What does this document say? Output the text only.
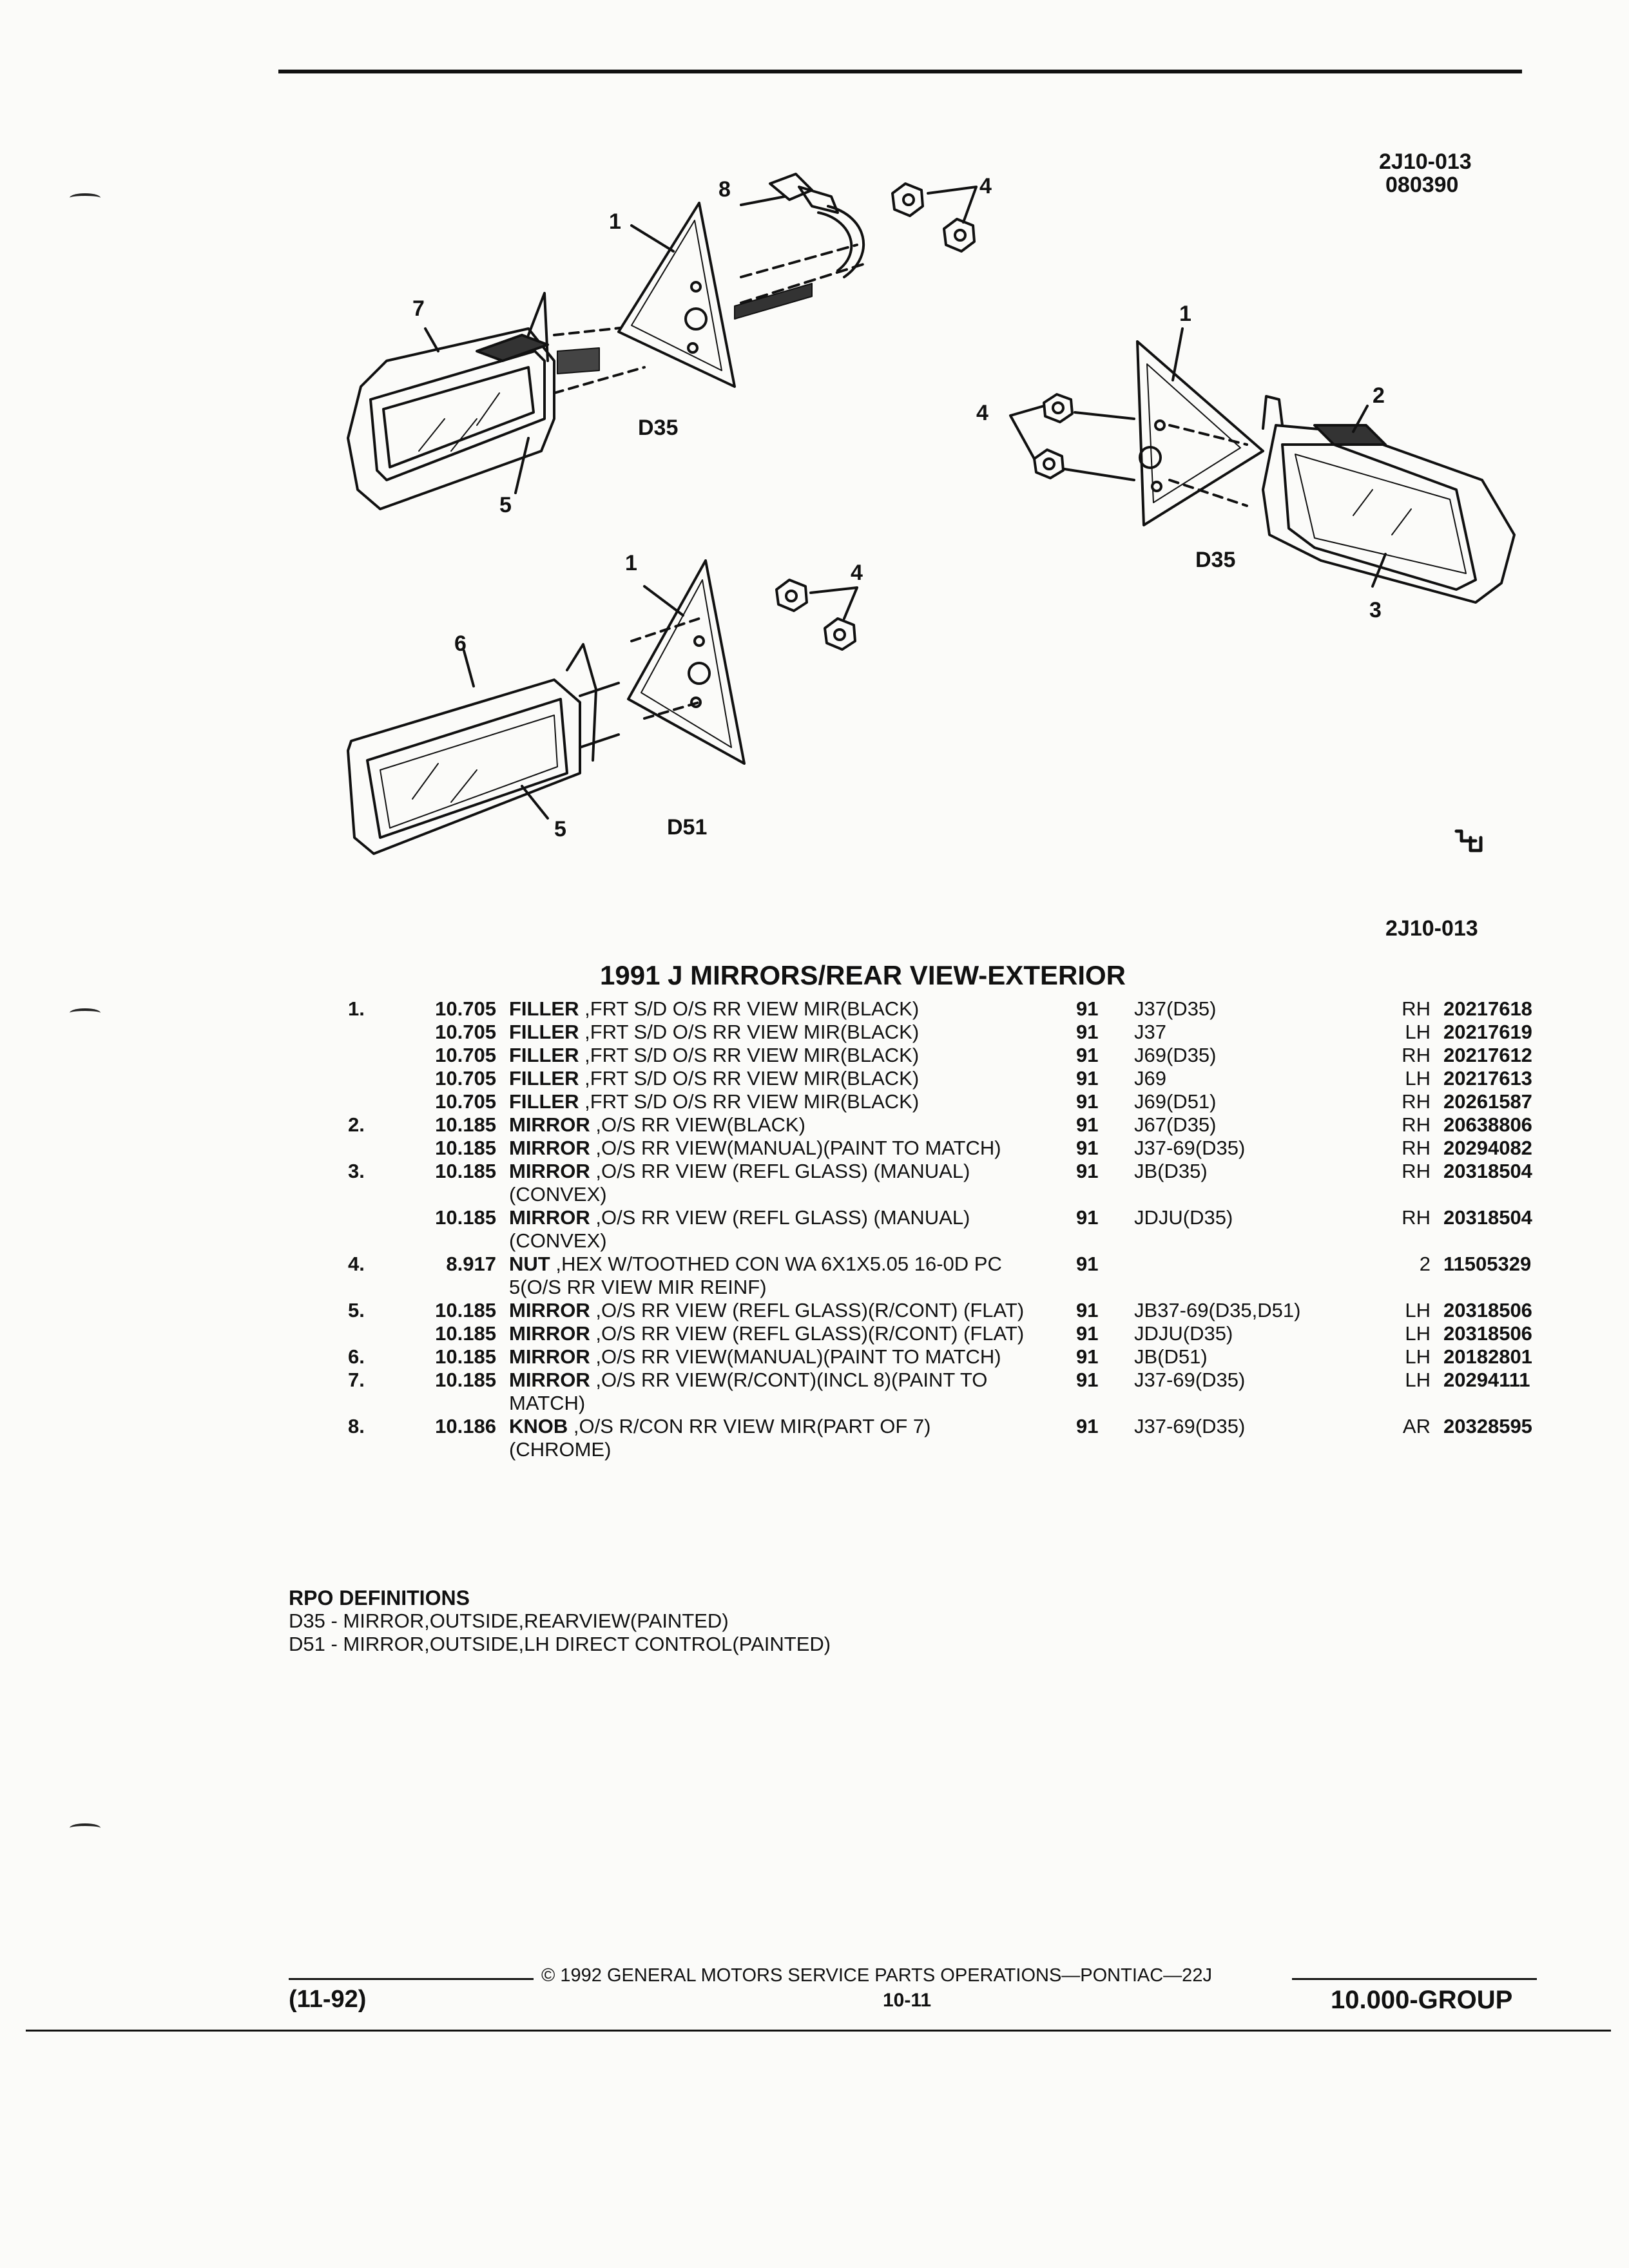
2J10-013
080390
2J10-013
8	4
1
7
5
D35
1
2
4
D35
3
1	4
6
5	D51
1991 J MIRRORS/REAR VIEW-EXTERIOR
1.	10.705 FILLER ,FRT S/D O/S RR VIEW MIR(BLACK)	91 J37(D35)	RH 20217618
10.705 FILLER ,FRT S/D O/S RR VIEW MIR(BLACK)	91 J37	LH 20217619
10.705 FILLER ,FRT S/D O/S RR VIEW MIR(BLACK)	91 J69(D35)	RH 20217612
10.705 FILLER ,FRT S/D O/S RR VIEW MIR(BLACK)	91 J69	LH 20217613
10.705 FILLER ,FRT S/D O/S RR VIEW MIR(BLACK)	91 J69(D51)	RH 20261587
2.	10.185 MIRROR ,O/S RR VIEW(BLACK)	91 J67(D35)	RH 20638806
10.185 MIRROR ,O/S RR VIEW(MANUAL)(PAINT TO MATCH)	91 J37-69(D35)	RH 20294082
3.	10.185 MIRROR ,O/S RR VIEW (REFL GLASS) (MANUAL)(CONVEX)
91 JB(D35)	RH 20318504
10.185 MIRROR ,O/S RR VIEW (REFL GLASS) (MANUAL)(CONVEX)
91 JDJU(D35)	RH 20318504
4.	8.917 NUT ,HEX W/TOOTHED CON WA 6X1X5.05 16-0D PC 5(O/S RR VIEW MIR REINF)
91	2 11505329
5.	10.185 MIRROR ,O/S RR VIEW (REFL GLASS)(R/CONT) (FLAT)	91 JB37-69(D35,D51)	LH 20318506
10.185 MIRROR ,O/S RR VIEW (REFL GLASS)(R/CONT) (FLAT)	91 JDJU(D35)	LH 20318506
6.	10.185 MIRROR ,O/S RR VIEW(MANUAL)(PAINT TO MATCH)	91 JB(D51)	LH 20182801
7.	10.185 MIRROR ,O/S RR VIEW(R/CONT)(INCL 8)(PAINT TO MATCH)
91 J37-69(D35)	LH 20294111
8.	10.186 KNOB ,O/S R/CON RR VIEW MIR(PART OF 7) (CHROME)
91 J37-69(D35)	AR 20328595
RPO DEFINITIONS
D35 - MIRROR,OUTSIDE,REARVIEW(PAINTED)
D51 - MIRROR,OUTSIDE,LH DIRECT CONTROL(PAINTED)
© 1992 GENERAL MOTORS SERVICE PARTS OPERATIONS—PONTIAC—22J
(11-92)	10-11	10.000-GROUP
